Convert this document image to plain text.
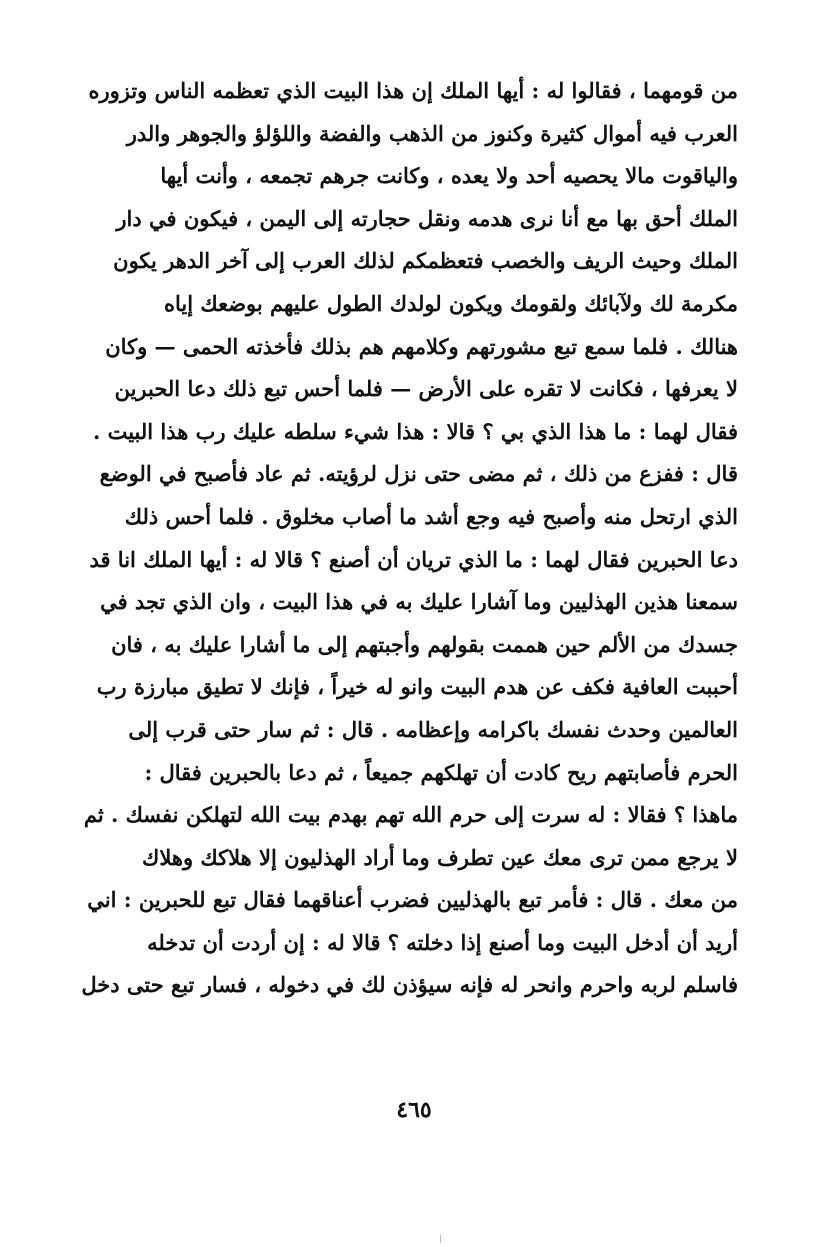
من قومهما ، فقالوا له : أيها الملك إن هذا البيت الذي تعظمه الناس وتزوره
العرب فيه أموال كثيرة وكنوز من الذهب والفضة واللؤلؤ والجوهر والدر
والياقوت مالا يحصيه أحد ولا يعده ، وكانت جرهم تجمعه ، وأنت أيها
الملك أحق بها مع أنا نرى هدمه ونقل حجارته إلى اليمن ، فيكون في دار
الملك وحيث الريف والخصب فتعظمكم لذلك العرب إلى آخر الدهر يكون
مكرمة لك ولآبائك ولقومك ويكون لولدك الطول عليهم بوضعك إياه
هنالك . فلما سمع تبع مشورتهم وكلامهم هم بذلك فأخذته الحمى — وكان
لا يعرفها ، فكانت لا تقره على الأرض — فلما أحس تبع ذلك دعا الحبرين
فقال لهما : ما هذا الذي بي ؟ قالا : هذا شيء سلطه عليك رب هذا البيت .
قال : ففزع من ذلك ، ثم مضى حتى نزل لرؤيته. ثم عاد فأصبح في الوضع
الذي ارتحل منه وأصبح فيه وجع أشد ما أصاب مخلوق . فلما أحس ذلك
دعا الحبرين فقال لهما : ما الذي تريان أن أصنع ؟ قالا له : أيها الملك انا قد
سمعنا هذين الهذليين وما آشارا عليك به في هذا البيت ، وان الذي تجد في
جسدك من الألم حين هممت بقولهم وأجبتهم إلى ما أشارا عليك به ، فان
أحببت العافية فكف عن هدم البيت وانو له خيراً ، فإنك لا تطيق مبارزة رب
العالمين وحدث نفسك باكرامه وإعظامه . قال : ثم سار حتى قرب إلى
الحرم فأصابتهم ريح كادت أن تهلكهم جميعاً ، ثم دعا بالحبرين فقال :
ماهذا ؟ فقالا : له سرت إلى حرم الله تهم بهدم بيت الله لتهلكن نفسك . ثم
لا يرجع ممن ترى معك عين تطرف وما أراد الهذليون إلا هلاكك وهلاك
من معك . قال : فأمر تبع بالهذليين فضرب أعناقهما فقال تبع للحبرين : اني
أريد أن أدخل البيت وما أصنع إذا دخلته ؟ قالا له : إن أردت أن تدخله
فاسلم لربه واحرم وانحر له فإنه سيؤذن لك في دخوله ، فسار تبع حتى دخل
٤٦٥
